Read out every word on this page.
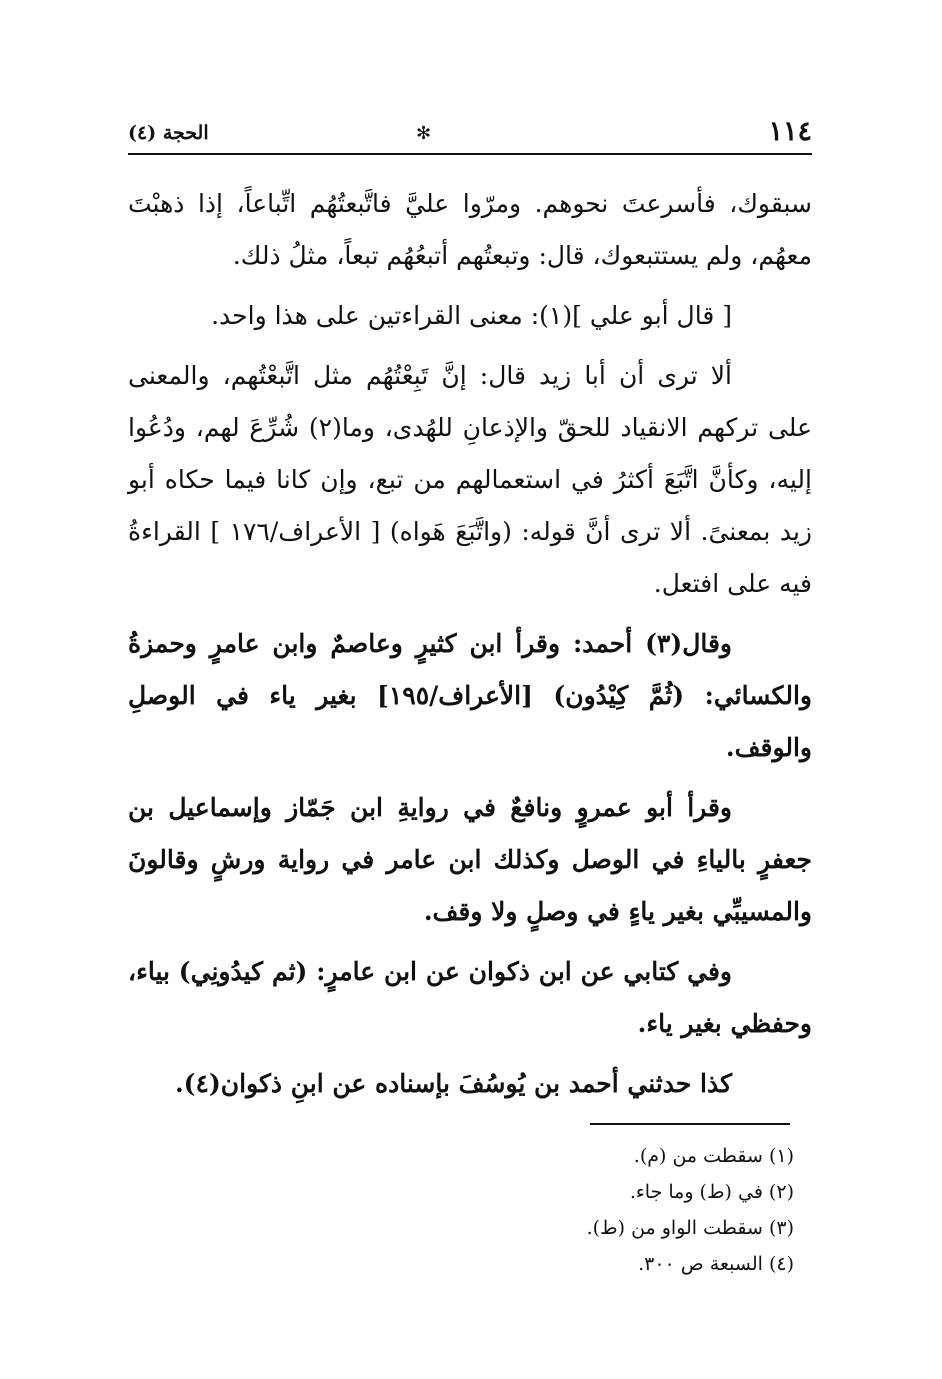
١١٤
✻
الحجة (٤)

سبقوك، فأسرعتَ نحوهم. ومرّوا عليَّ فاتَّبعتُهُم اتِّباعاً، إذا ذهبْتَ معهُم، ولم يستتبعوك، قال: وتبعتُهم أتبعُهُم تبعاً، مثلُ ذلك.

[ قال أبو علي ](١): معنى القراءتين على هذا واحد.

ألا ترى أن أبا زيد قال: إنَّ تَبِعْتُهُم مثل اتَّبعْتُهم، والمعنى على تركهم الانقياد للحقّ والإذعانِ للهُدى، وما(٢) شُرِّعَ لهم، ودُعُوا إليه، وكأنَّ اتَّبَعَ أكثرُ في استعمالهم من تبع، وإن كانا فيما حكاه أبو زيد بمعنىً. ألا ترى أنَّ قوله: (واتَّبَعَ هَواه) [ الأعراف/١٧٦ ] القراءةُ فيه على افتعل.

وقال(٣) أحمد: وقرأ ابن كثيرٍ وعاصمٌ وابن عامرٍ وحمزةُ والكسائي: (ثُمَّ كِيْدُون) [الأعراف/١٩٥] بغير ياء في الوصلِ والوقف.

وقرأ أبو عمروٍ ونافعٌ في روايةِ ابن جَمّاز وإسماعيل بن جعفرٍ بالياءِ في الوصل وكذلك ابن عامر في رواية ورشٍ وقالونَ والمسيبِّي بغير ياءٍ في وصلٍ ولا وقف.

وفي كتابي عن ابن ذكوان عن ابن عامرٍ: (ثم كيدُونِي) بياء، وحفظي بغير ياء.

كذا حدثني أحمد بن يُوسُفَ بإسناده عن ابنِ ذكوان(٤).

(١) سقطت من (م).

(٢) في (ط) وما جاء.

(٣) سقطت الواو من (ط).

(٤) السبعة ص ٣٠٠.
